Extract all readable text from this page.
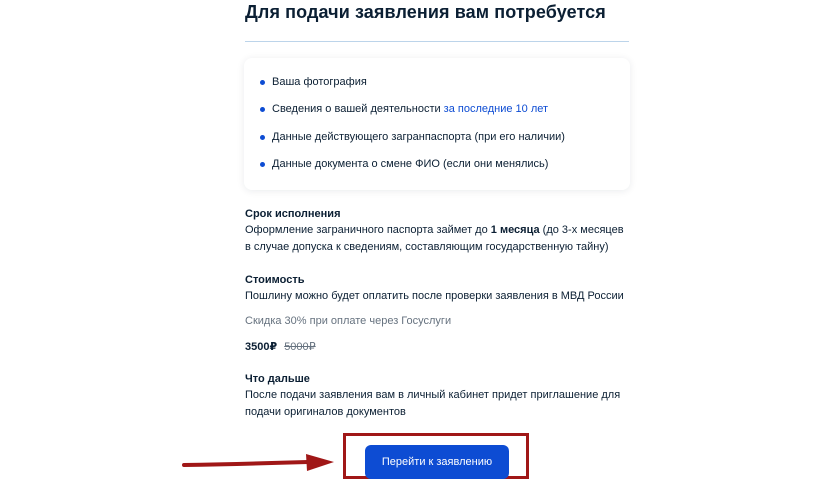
Для подачи заявления вам потребуется
Ваша фотография
Сведения о вашей деятельности за последние 10 лет
Данные действующего загранпаспорта (при его наличии)
Данные документа о смене ФИО (если они менялись)
Срок исполнения
Оформление заграничного паспорта займет до 1 месяца (до 3-х месяцев в случае допуска к сведениям, составляющим государственную тайну)
Стоимость
Пошлину можно будет оплатить после проверки заявления в МВД России
Скидка 30% при оплате через Госуслуги
3500₽ 5000₽
Что дальше
После подачи заявления вам в личный кабинет придет приглашение для подачи оригиналов документов
Перейти к заявлению
